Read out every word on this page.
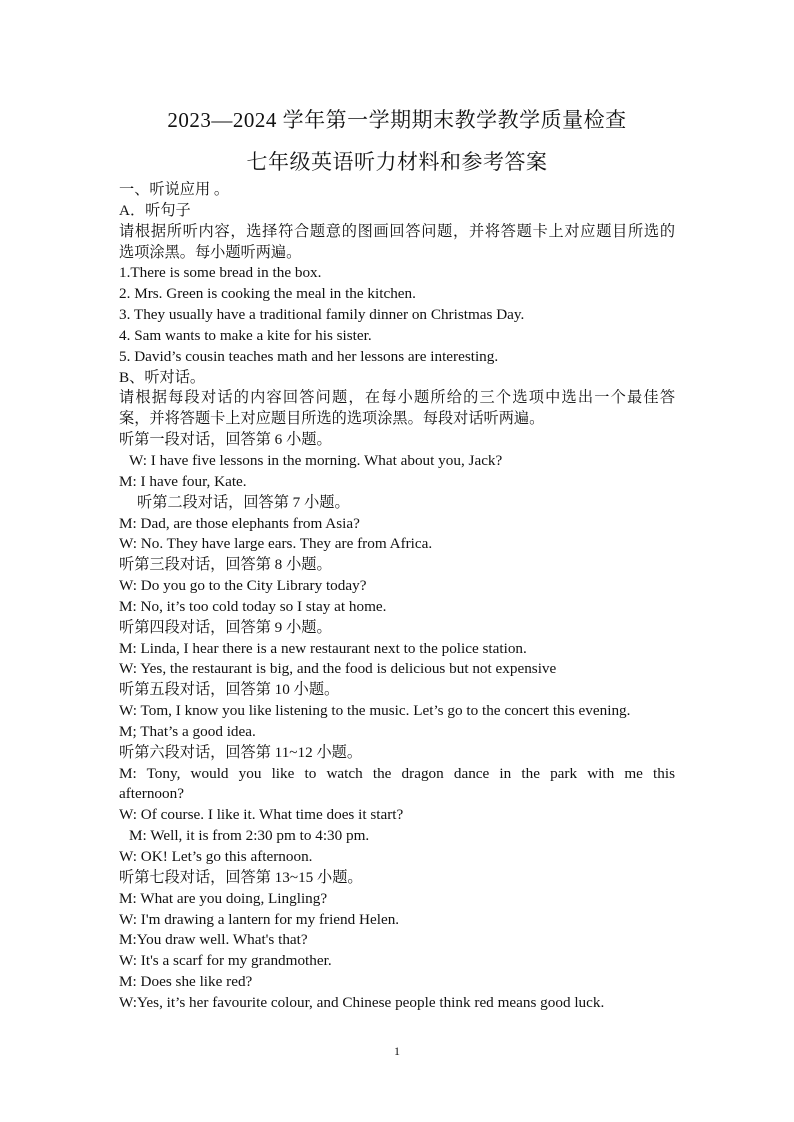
2023—2024 学年第一学期期末教学教学质量检查
七年级英语听力材料和参考答案
一、听说应用 。
A．听句子
请根据所听内容，选择符合题意的图画回答问题，并将答题卡上对应题目所选的
选项涂黑。每小题听两遍。
1.There is some bread in the box.
2. Mrs. Green is cooking the meal in the kitchen.
3. They usually have a traditional family dinner on Christmas Day.
4. Sam wants to make a kite for his sister.
5. David’s cousin teaches math and her lessons are interesting.
B、听对话。
请根据每段对话的内容回答问题，在每小题所给的三个选项中选出一个最佳答
案，并将答题卡上对应题目所选的选项涂黑。每段对话听两遍。
听第一段对话，回答第 6 小题。
W: I have five lessons in the morning. What about you, Jack?
M: I have four, Kate.
听第二段对话，回答第 7 小题。
M: Dad, are those elephants from Asia?
W: No. They have large ears. They are from Africa.
听第三段对话，回答第 8 小题。
W: Do you go to the City Library today?
M: No, it’s too cold today so I stay at home.
听第四段对话，回答第 9 小题。
M: Linda, I hear there is a new restaurant next to the police station.
W: Yes, the restaurant is big, and the food is delicious but not expensive
听第五段对话，回答第 10 小题。
W: Tom, I know you like listening to the music. Let’s go to the concert this evening.
M; That’s a good idea.
听第六段对话，回答第 11~12 小题。
M: Tony, would you like to watch the dragon dance in the park with me this
afternoon?
W: Of course. I like it. What time does it start?
M: Well, it is from 2:30 pm to 4:30 pm.
W: OK! Let’s go this afternoon.
听第七段对话，回答第 13~15 小题。
M: What are you doing, Lingling?
W: I'm drawing a lantern for my friend Helen.
M:You draw well. What's that?
W: It's a scarf for my grandmother.
M: Does she like red?
W:Yes, it’s her favourite colour, and Chinese people think red means good luck.
1
